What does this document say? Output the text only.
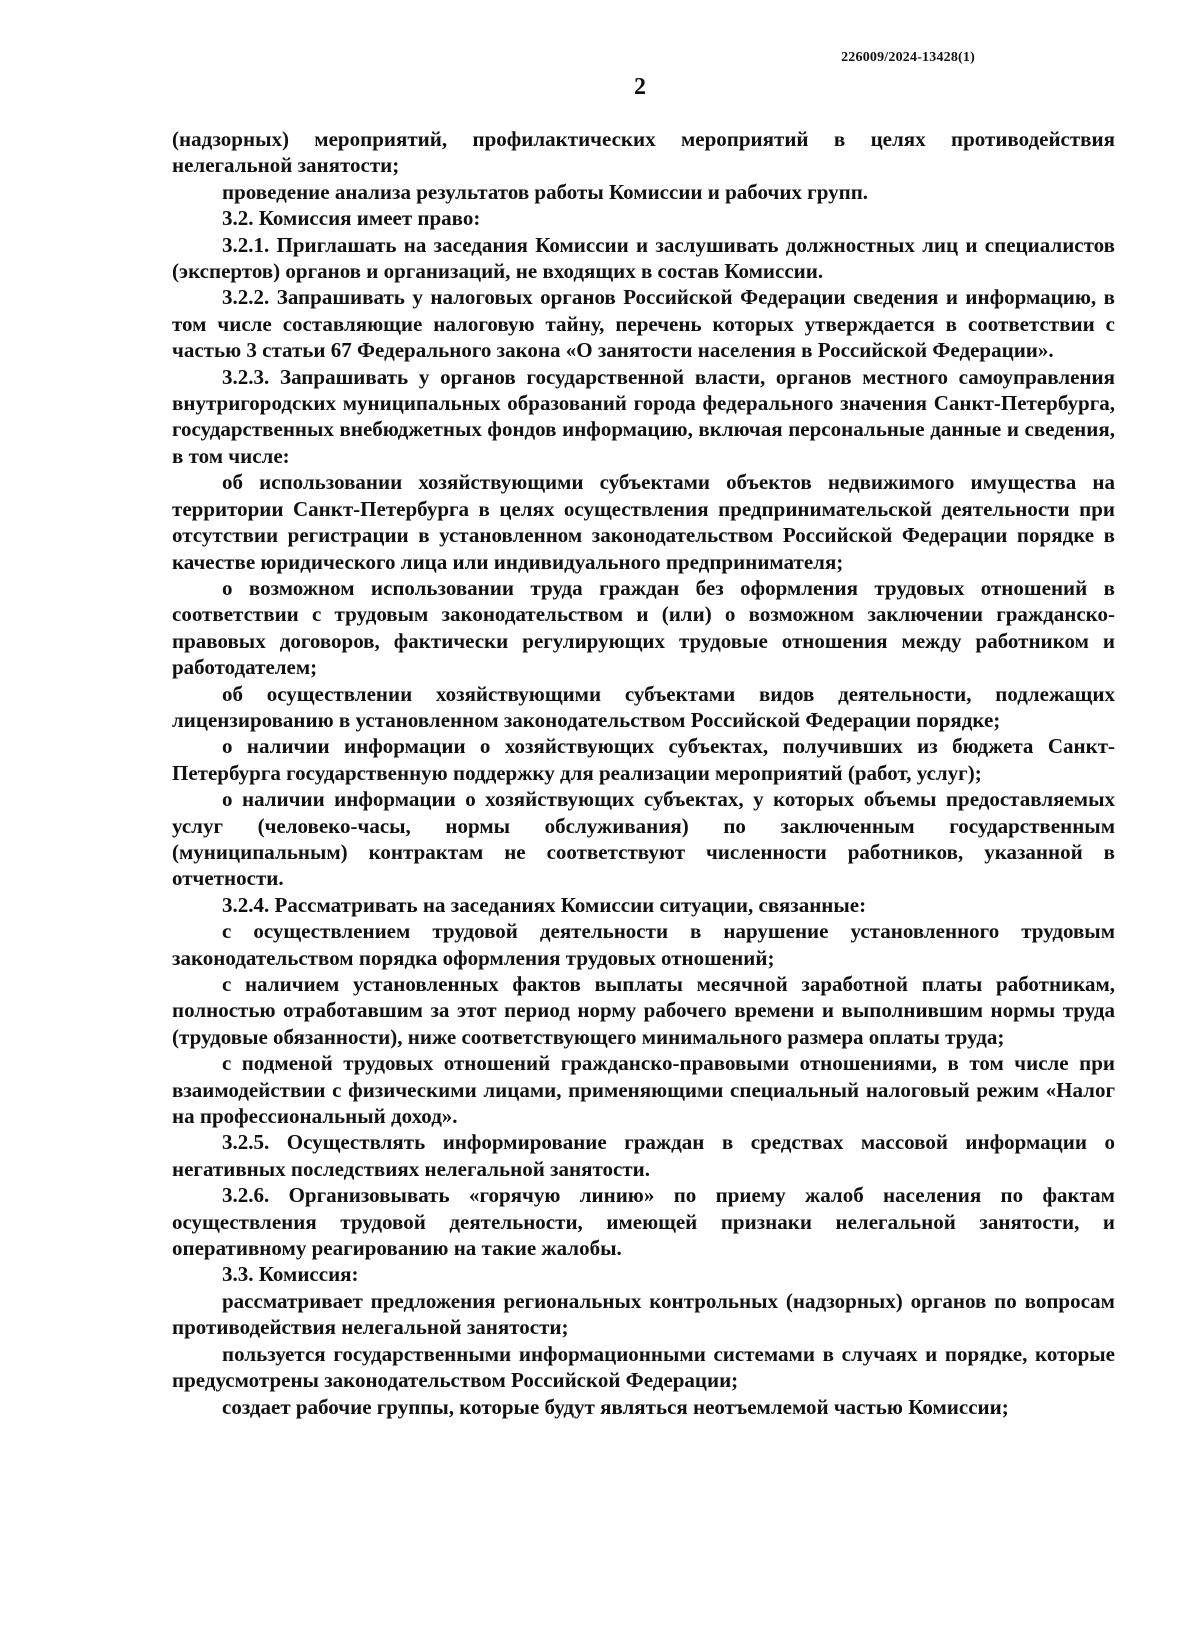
226009/2024-13428(1)
2

(надзорных) мероприятий, профилактических мероприятий в целях противодействия нелегальной занятости;

проведение анализа результатов работы Комиссии и рабочих групп.

3.2. Комиссия имеет право:

3.2.1. Приглашать на заседания Комиссии и заслушивать должностных лиц и специалистов (экспертов) органов и организаций, не входящих в состав Комиссии.

3.2.2. Запрашивать у налоговых органов Российской Федерации сведения и информацию, в том числе составляющие налоговую тайну, перечень которых утверждается в соответствии с частью 3 статьи 67 Федерального закона «О занятости населения в Российской Федерации».

3.2.3. Запрашивать у органов государственной власти, органов местного самоуправления внутригородских муниципальных образований города федерального значения Санкт-Петербурга, государственных внебюджетных фондов информацию, включая персональные данные и сведения, в том числе:

об использовании хозяйствующими субъектами объектов недвижимого имущества на территории Санкт-Петербурга в целях осуществления предпринимательской деятельности при отсутствии регистрации в установленном законодательством Российской Федерации порядке в качестве юридического лица или индивидуального предпринимателя;

о возможном использовании труда граждан без оформления трудовых отношений в соответствии с трудовым законодательством и (или) о возможном заключении гражданско-правовых договоров, фактически регулирующих трудовые отношения между работником и работодателем;

об осуществлении хозяйствующими субъектами видов деятельности, подлежащих лицензированию в установленном законодательством Российской Федерации порядке;

о наличии информации о хозяйствующих субъектах, получивших из бюджета Санкт-Петербурга государственную поддержку для реализации мероприятий (работ, услуг);

о наличии информации о хозяйствующих субъектах, у которых объемы предоставляемых услуг (человеко-часы, нормы обслуживания) по заключенным государственным (муниципальным) контрактам не соответствуют численности работников, указанной в отчетности.

3.2.4. Рассматривать на заседаниях Комиссии ситуации, связанные:

с осуществлением трудовой деятельности в нарушение установленного трудовым законодательством порядка оформления трудовых отношений;

с наличием установленных фактов выплаты месячной заработной платы работникам, полностью отработавшим за этот период норму рабочего времени и выполнившим нормы труда (трудовые обязанности), ниже соответствующего минимального размера оплаты труда;

с подменой трудовых отношений гражданско-правовыми отношениями, в том числе при взаимодействии с физическими лицами, применяющими специальный налоговый режим «Налог на профессиональный доход».

3.2.5. Осуществлять информирование граждан в средствах массовой информации о негативных последствиях нелегальной занятости.

3.2.6. Организовывать «горячую линию» по приему жалоб населения по фактам осуществления трудовой деятельности, имеющей признаки нелегальной занятости, и оперативному реагированию на такие жалобы.

3.3. Комиссия:

рассматривает предложения региональных контрольных (надзорных) органов по вопросам противодействия нелегальной занятости;

пользуется государственными информационными системами в случаях и порядке, которые предусмотрены законодательством Российской Федерации;

создает рабочие группы, которые будут являться неотъемлемой частью Комиссии;
